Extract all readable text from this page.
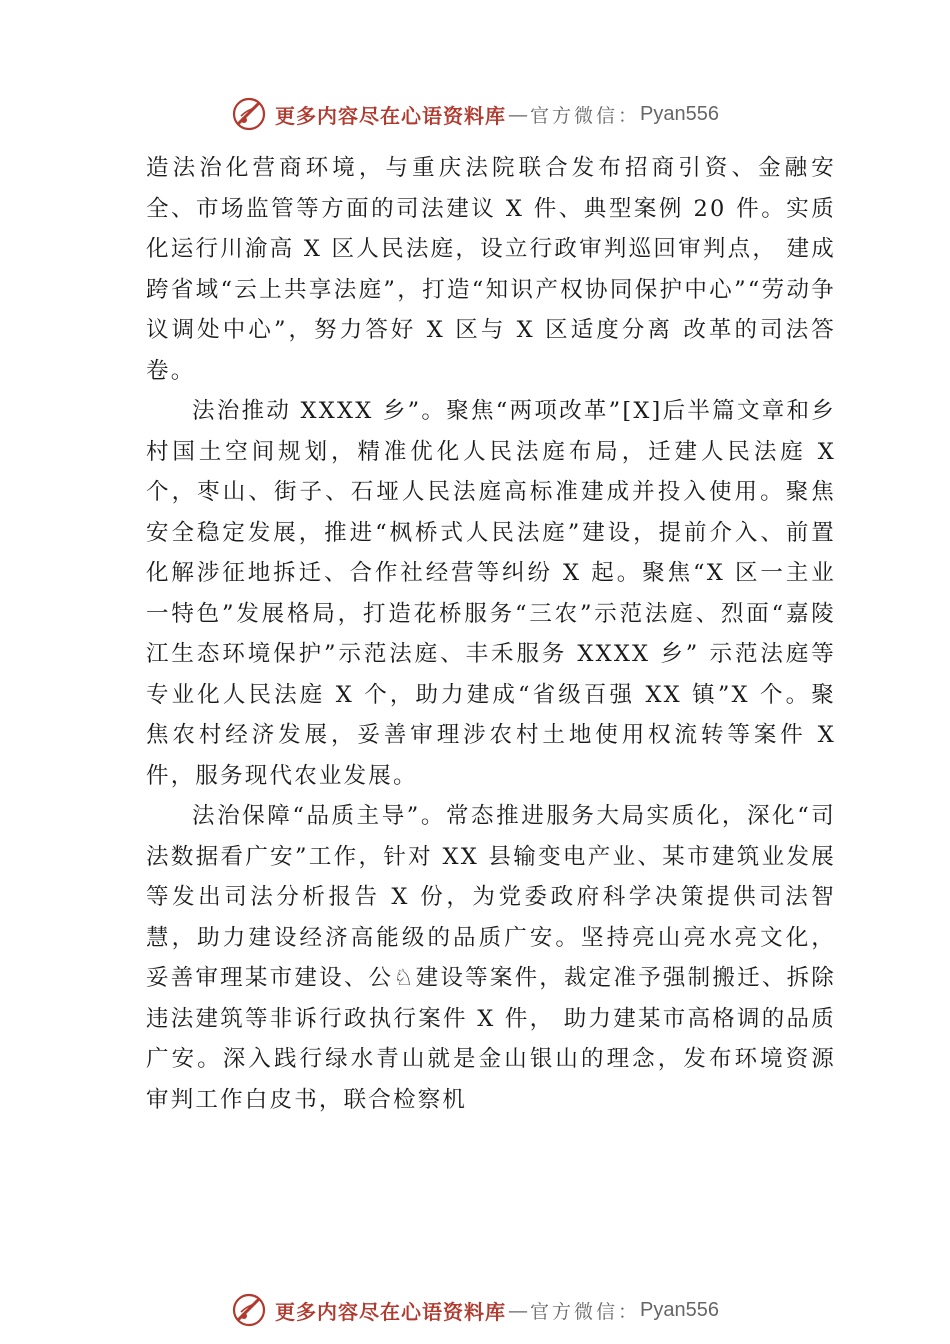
更多内容尽在心语资料库 — 官方微信： Pyan556

造法治化营商环境，与重庆法院联合发布招商引资、金融安全、市场监管等方面的司法建议 X 件、典型案例 20 件。实质化运行川渝高 X 区人民法庭，设立行政审判巡回审判点， 建成跨省域“云上共享法庭”，打造“知识产权协同保护中心”“劳动争议调处中心”，努力答好 X 区与 X 区适度分离 改革的司法答卷。

法治推动 XXXX 乡”。聚焦“两项改革”[X]后半篇文章和乡村国土空间规划，精准优化人民法庭布局，迁建人民法庭 X 个，枣山、街子、石垭人民法庭高标准建成并投入使用。聚焦安全稳定发展，推进“枫桥式人民法庭”建设，提前介入、前置化解涉征地拆迁、合作社经营等纠纷 X 起。聚焦“X 区一主业一特色”发展格局，打造花桥服务“三农”示范法庭、烈面“嘉陵江生态环境保护”示范法庭、丰禾服务 XXXX 乡” 示范法庭等专业化人民法庭 X 个，助力建成“省级百强 XX 镇”X 个。聚焦农村经济发展，妥善审理涉农村土地使用权流转等案件 X 件，服务现代农业发展。

法治保障“品质主导”。常态推进服务大局实质化，深化“司法数据看广安”工作，针对 XX 县输变电产业、某市建筑业发展等发出司法分析报告 X 份，为党委政府科学决策提供司法智慧，助力建设经济高能级的品质广安。坚持亮山亮水亮文化，妥善审理某市建设、公♘建设等案件，裁定准予强制搬迁、拆除违法建筑等非诉行政执行案件 X 件， 助力建某市高格调的品质广安。深入践行绿水青山就是金山银山的理念，发布环境资源审判工作白皮书，联合检察机

更多内容尽在心语资料库 — 官方微信： Pyan556
